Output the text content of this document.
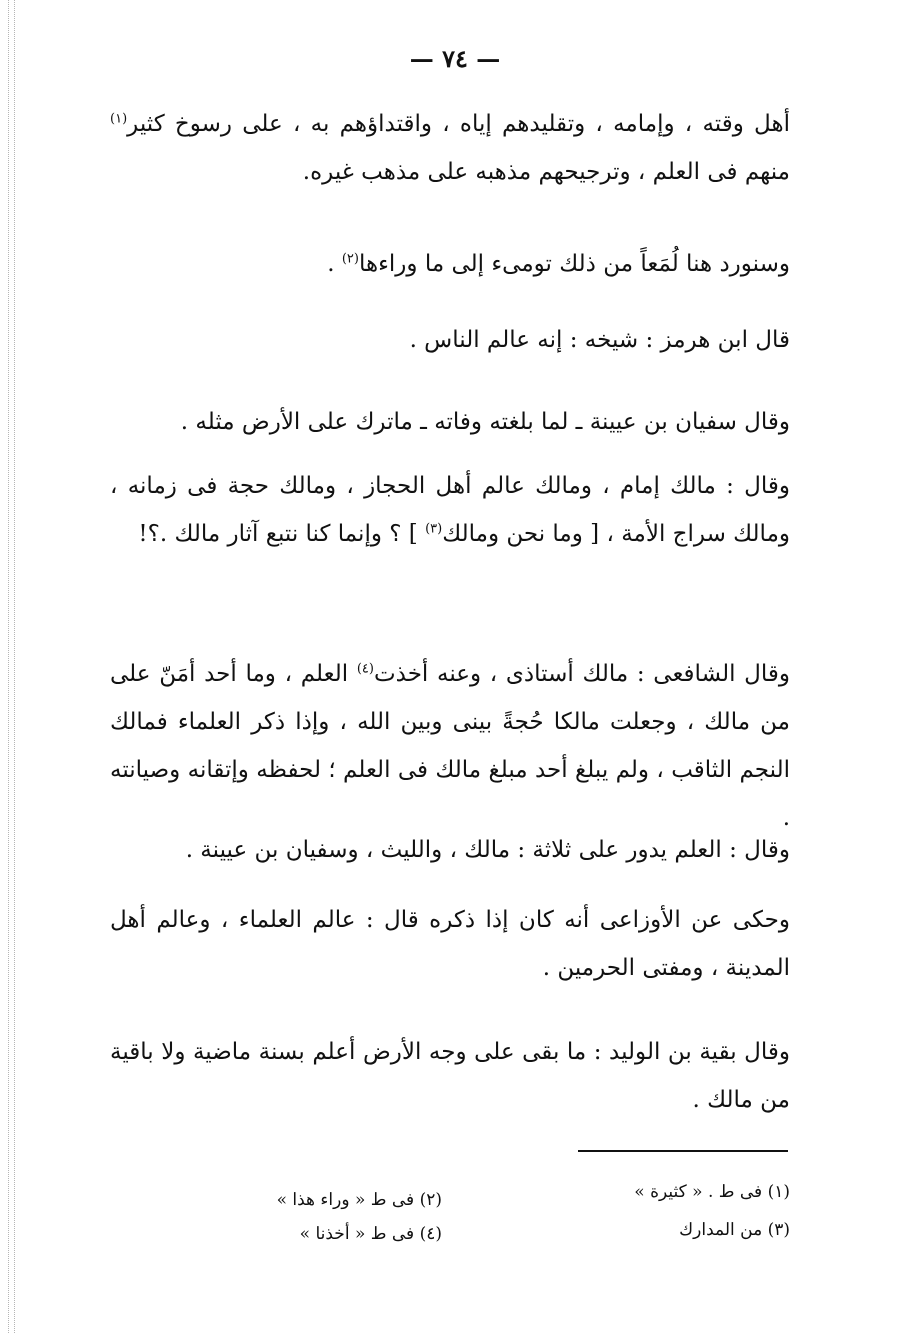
— ٧٤ —

أهل وقته ، وإمامه ، وتقليدهم إياه ، واقتداؤهم به ، على رسوخ كثير$^{(١)}$ منهم فى العلم ، وترجيحهم مذهبه على مذهب غيره.

وسنورد هنا لُمَعاً من ذلك تومىء إلى ما وراءها$^{(٢)}$ .

قال ابن هرمز : شيخه : إنه عالم الناس .

وقال سفيان بن عيينة ـ لما بلغته وفاته ـ ماترك على الأرض مثله .

وقال : مالك إمام ، ومالك عالم أهل الحجاز ، ومالك حجة فى زمانه ، ومالك سراج الأمة ، [ وما نحن ومالك$^{(٣)}$ ] ؟ وإنما كنا نتبع آثار مالك .؟!

وقال الشافعى : مالك أستاذى ، وعنه أخذت$^{(٤)}$ العلم ، وما أحد أمَنّ على من مالك ، وجعلت مالكا حُجةً بينى وبين الله ، وإذا ذكر العلماء فمالك النجم الثاقب ، ولم يبلغ أحد مبلغ مالك فى العلم ؛ لحفظه وإتقانه وصيانته .

وقال : العلم يدور على ثلاثة : مالك ، والليث ، وسفيان بن عيينة .

وحكى عن الأوزاعى أنه كان إذا ذكره قال : عالم العلماء ، وعالم أهل المدينة ، ومفتى الحرمين .

وقال بقية بن الوليد : ما بقى على وجه الأرض أعلم بسنة ماضية ولا باقية من مالك .

(١) فى ط . « كثيرة »
(٢) فى ط « وراء هذا »
(٣) من المدارك
(٤) فى ط « أخذنا »
